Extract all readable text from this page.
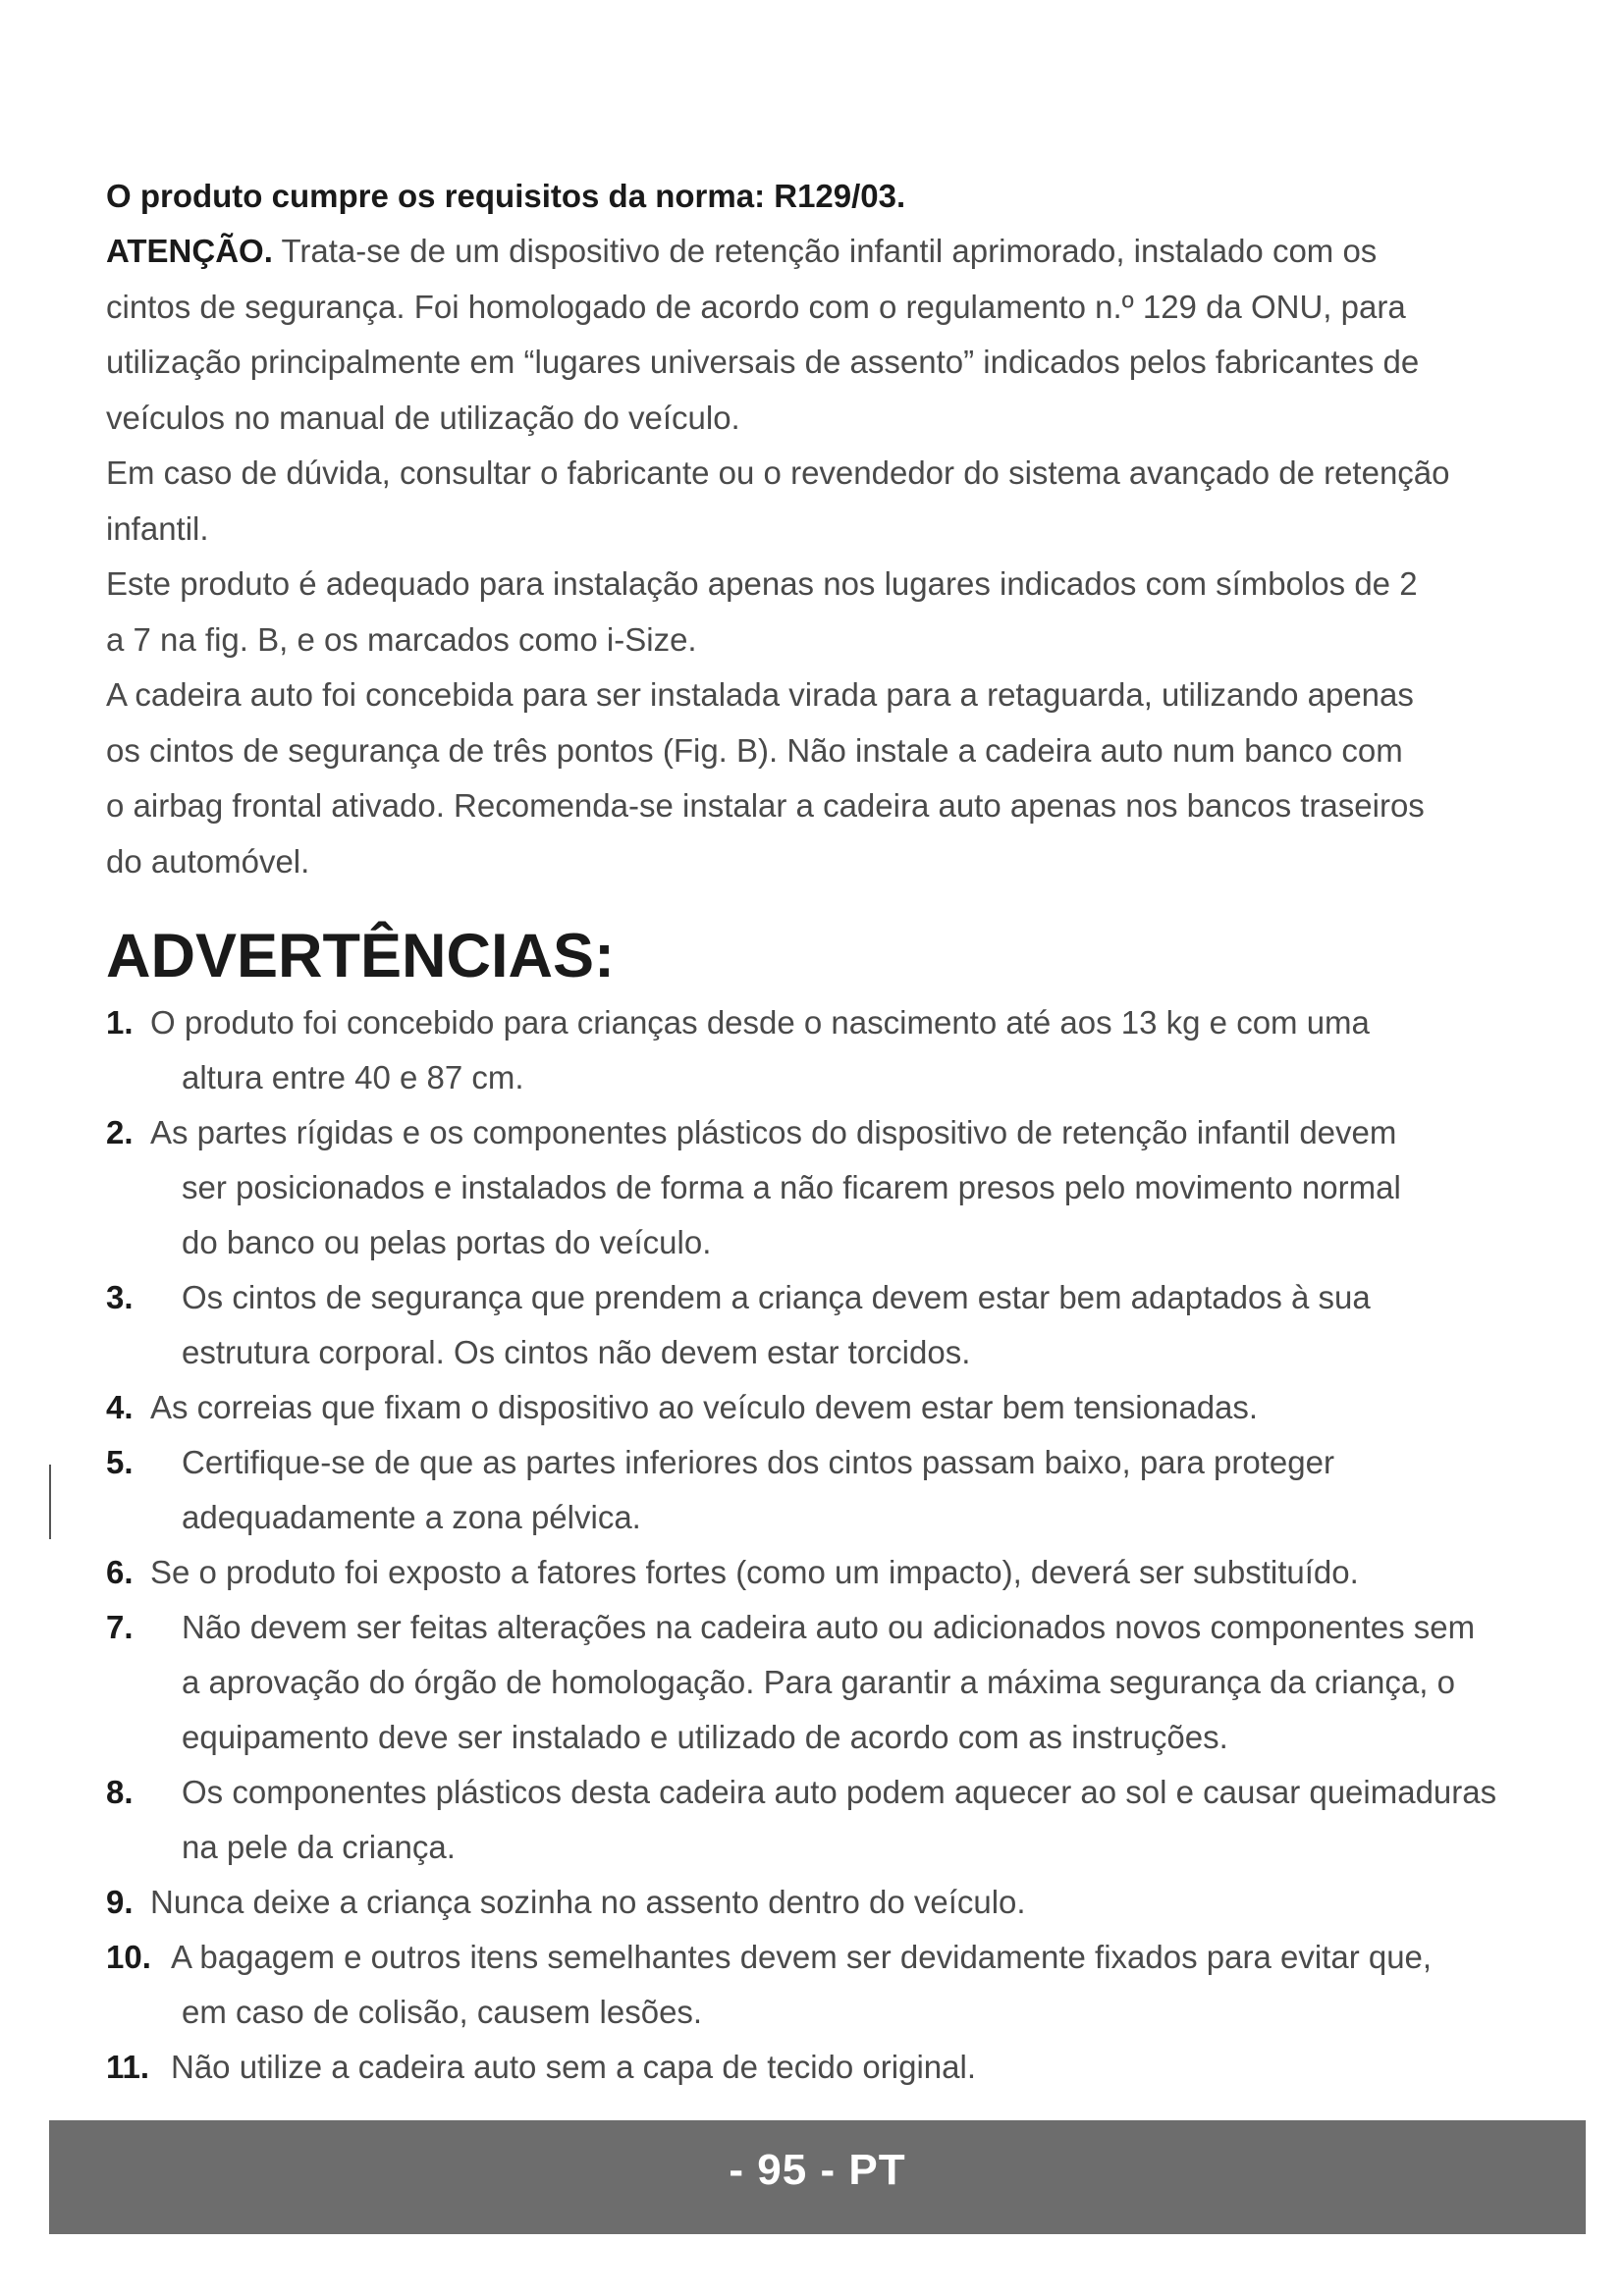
O produto cumpre os requisitos da norma: R129/03.

ATENÇÃO. Trata-se de um dispositivo de retenção infantil aprimorado, instalado com os
cintos de segurança. Foi homologado de acordo com o regulamento n.º 129 da ONU, para
utilização principalmente em “lugares universais de assento” indicados pelos fabricantes de
veículos no manual de utilização do veículo.

Em caso de dúvida, consultar o fabricante ou o revendedor do sistema avançado de retenção
infantil.

Este produto é adequado para instalação apenas nos lugares indicados com símbolos de 2
a 7 na fig. B, e os marcados como i-Size.

A cadeira auto foi concebida para ser instalada virada para a retaguarda, utilizando apenas
os cintos de segurança de três pontos (Fig. B). Não instale a cadeira auto num banco com
o airbag frontal ativado. Recomenda-se instalar a cadeira auto apenas nos bancos traseiros
do automóvel.

ADVERTÊNCIAS:
1. O produto foi concebido para crianças desde o nascimento até aos 13 kg e com uma
altura entre 40 e 87 cm.
2. As partes rígidas e os componentes plásticos do dispositivo de retenção infantil devem
ser posicionados e instalados de forma a não ficarem presos pelo movimento normal
do banco ou pelas portas do veículo.
3. Os cintos de segurança que prendem a criança devem estar bem adaptados à sua
estrutura corporal. Os cintos não devem estar torcidos.
4. As correias que fixam o dispositivo ao veículo devem estar bem tensionadas.
5. Certifique-se de que as partes inferiores dos cintos passam baixo, para proteger
adequadamente a zona pélvica.
6. Se o produto foi exposto a fatores fortes (como um impacto), deverá ser substituído.
7. Não devem ser feitas alterações na cadeira auto ou adicionados novos componentes sem
a aprovação do órgão de homologação. Para garantir a máxima segurança da criança, o
equipamento deve ser instalado e utilizado de acordo com as instruções.
8. Os componentes plásticos desta cadeira auto podem aquecer ao sol e causar queimaduras
na pele da criança.
9. Nunca deixe a criança sozinha no assento dentro do veículo.
10. A bagagem e outros itens semelhantes devem ser devidamente fixados para evitar que,
em caso de colisão, causem lesões.
11. Não utilize a cadeira auto sem a capa de tecido original.
- 95 - PT
